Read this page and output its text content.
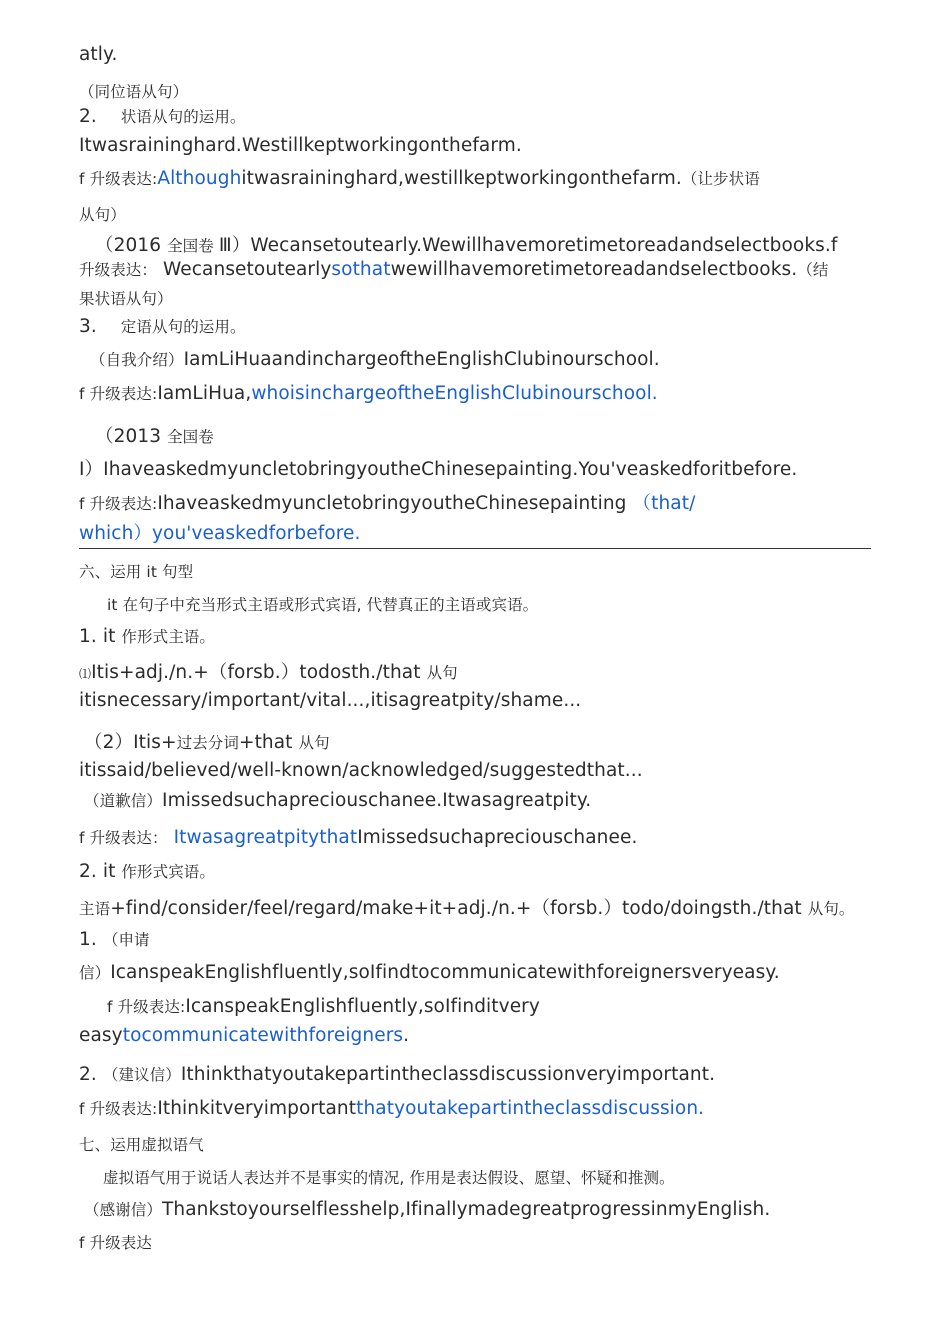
atly.
（同位语从句）
2. 状语从句的运用。
Itwasraininghard.Westillkeptworkingonthefarm.
f 升级表达:Althoughitwasraininghard,westillkeptworkingonthefarm.（让步状语
从句）
（2016 全国卷 Ⅲ）Wecansetoutearly.Wewillhavemoretimetoreadandselectbooks.f
升级表达： Wecansetoutearlysothatwewillhavemoretimetoreadandselectbooks.（结
果状语从句）
3. 定语从句的运用。
（自我介绍）IamLiHuaandinchargeoftheEnglishClubinourschool.
f 升级表达:IamLiHua,whoisinchargeoftheEnglishClubinourschool.
（2013 全国卷
Ⅰ）IhaveaskedmyuncletobringyoutheChinesepainting.You'veaskedforitbefore.
f 升级表达:IhaveaskedmyuncletobringyoutheChinesepainting （that/
which）you'veaskedforbefore.
六、运用 it 句型
it 在句子中充当形式主语或形式宾语, 代替真正的主语或宾语。
1. it 作形式主语。
⑴Itis+adj./n.+（forsb.）todosth./that 从句
itisnecessary/important/vital...,itisagreatpity/shame...
（2）Itis+过去分词+that 从句
itissaid/believed/well-known/acknowledged/suggestedthat...
（道歉信）Imissedsuchapreciouschanee.Itwasagreatpity.
f 升级表达： ItwasagreatpitythatImissedsuchapreciouschanee.
2. it 作形式宾语。
主语+find/consider/feel/regard/make+it+adj./n.+（forsb.）todo/doingsth./that 从句。
1. （申请
信）IcanspeakEnglishfluently,soIfindtocommunicatewithforeignersveryeasy.
f 升级表达:IcanspeakEnglishfluently,soIfinditvery
easytocommunicatewithforeigners.
2. （建议信）Ithinkthatyoutakepartintheclassdiscussionveryimportant.
f 升级表达:Ithinkitveryimportantthatyoutakepartintheclassdiscussion.
七、运用虚拟语气
虚拟语气用于说话人表达并不是事实的情况, 作用是表达假设、愿望、怀疑和推测。
（感谢信）Thankstoyourselflesshelp,IfinallymadegreatprogressinmyEnglish.
f 升级表达
